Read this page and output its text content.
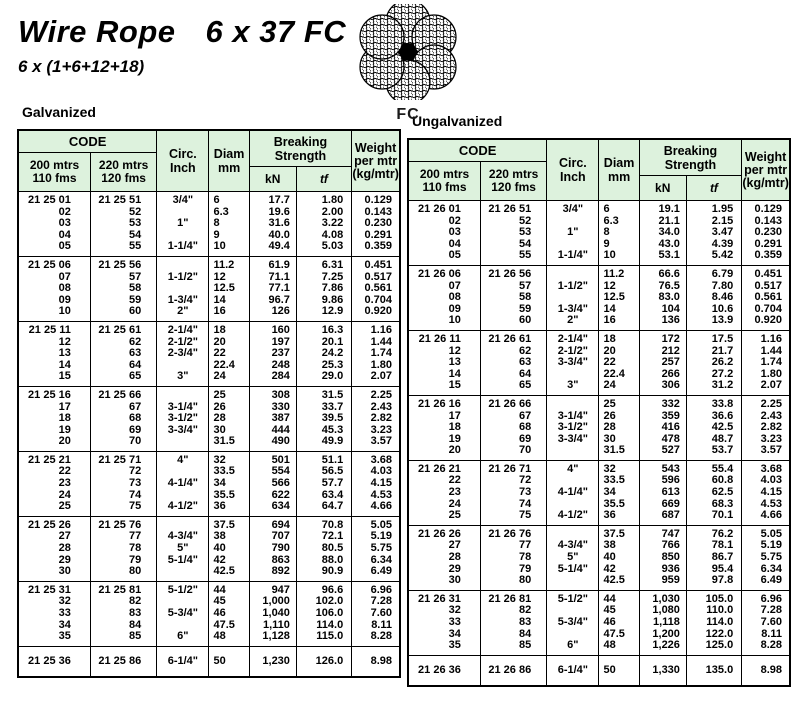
Wire Rope 6 x 37 FC
6 x (1+6+12+18)
FC
Galvanized
CODE
200 mtrs
110 fms
220 mtrs
120 fms

Circ.
Inch

Diam
mm

Breaking
Strength
kN	tf

Weight
per mtr
(kg/mtr)

21 25 01	21 25 51	3/4"	6	17.7	1.80	0.129
02	52		6.3	19.6	2.00	0.143
03	53	1"	8	31.6	3.22	0.230
04	54		9	40.0	4.08	0.291
05	55	1-1/4"	10	49.4	5.03	0.359
21 25 06	21 25 56		11.2	61.9	6.31	0.451
07	57	1-1/2"	12	71.1	7.25	0.517
08	58		12.5	77.1	7.86	0.561
09	59	1-3/4"	14	96.7	9.86	0.704
10	60	2"	16	126	12.9	0.920
21 25 11	21 25 61	2-1/4"	18	160	16.3	1.16
12	62	2-1/2"	20	197	20.1	1.44
13	63	2-3/4"	22	237	24.2	1.74
14	64		22.4	248	25.3	1.80
15	65	3"	24	284	29.0	2.07
21 25 16	21 25 66		25	308	31.5	2.25
17	67	3-1/4"	26	330	33.7	2.43
18	68	3-1/2"	28	387	39.5	2.82
19	69	3-3/4"	30	444	45.3	3.23
20	70		31.5	490	49.9	3.57
21 25 21	21 25 71	4"	32	501	51.1	3.68
22	72		33.5	554	56.5	4.03
23	73	4-1/4"	34	566	57.7	4.15
24	74		35.5	622	63.4	4.53
25	75	4-1/2"	36	634	64.7	4.66
21 25 26	21 25 76		37.5	694	70.8	5.05
27	77	4-3/4"	38	707	72.1	5.19
28	78	5"	40	790	80.5	5.75
29	79	5-1/4"	42	863	88.0	6.34
30	80		42.5	892	90.9	6.49
21 25 31	21 25 81	5-1/2"	44	947	96.6	6.96
32	82		45	1,000	102.0	7.28
33	83	5-3/4"	46	1,040	106.0	7.60
34	84		47.5	1,110	114.0	8.11
35	85	6"	48	1,128	115.0	8.28
21 25 36	21 25 86	6-1/4"	50	1,230	126.0	8.98
Ungalvanized
CODE
200 mtrs
110 fms
220 mtrs
120 fms

Circ.
Inch

Diam
mm

Breaking
Strength
kN	tf

Weight
per mtr
(kg/mtr)

21 26 01	21 26 51	3/4"	6	19.1	1.95	0.129
02	52		6.3	21.1	2.15	0.143
03	53	1"	8	34.0	3.47	0.230
04	54		9	43.0	4.39	0.291
05	55	1-1/4"	10	53.1	5.42	0.359
21 26 06	21 26 56		11.2	66.6	6.79	0.451
07	57	1-1/2"	12	76.5	7.80	0.517
08	58		12.5	83.0	8.46	0.561
09	59	1-3/4"	14	104	10.6	0.704
10	60	2"	16	136	13.9	0.920
21 26 11	21 26 61	2-1/4"	18	172	17.5	1.16
12	62	2-1/2"	20	212	21.7	1.44
13	63	3-3/4"	22	257	26.2	1.74
14	64		22.4	266	27.2	1.80
15	65	3"	24	306	31.2	2.07
21 26 16	21 26 66		25	332	33.8	2.25
17	67	3-1/4"	26	359	36.6	2.43
18	68	3-1/2"	28	416	42.5	2.82
19	69	3-3/4"	30	478	48.7	3.23
20	70		31.5	527	53.7	3.57
21 26 21	21 26 71	4"	32	543	55.4	3.68
22	72		33.5	596	60.8	4.03
23	73	4-1/4"	34	613	62.5	4.15
24	74		35.5	669	68.3	4.53
25	75	4-1/2"	36	687	70.1	4.66
21 26 26	21 26 76		37.5	747	76.2	5.05
27	77	4-3/4"	38	766	78.1	5.19
28	78	5"	40	850	86.7	5.75
29	79	5-1/4"	42	936	95.4	6.34
30	80		42.5	959	97.8	6.49
21 26 31	21 26 81	5-1/2"	44	1,030	105.0	6.96
32	82		45	1,080	110.0	7.28
33	83	5-3/4"	46	1,118	114.0	7.60
34	84		47.5	1,200	122.0	8.11
35	85	6"	48	1,226	125.0	8.28
21 26 36	21 26 86	6-1/4"	50	1,330	135.0	8.98
